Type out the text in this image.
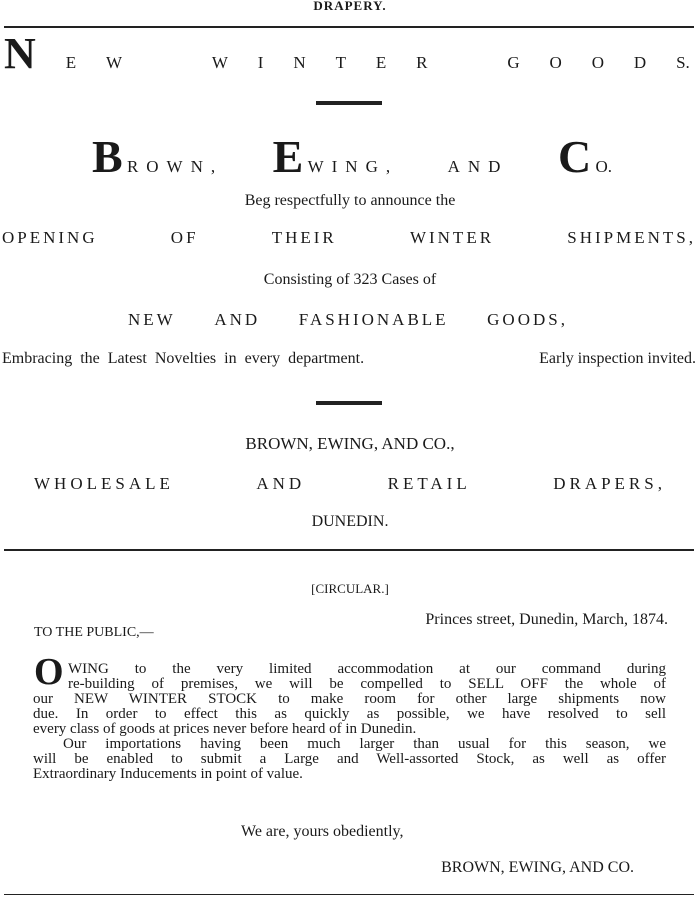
DRAPERY.
N E W	W I N T E R	G O O D S.
B ROWN, E WING,	AND C O.
Beg respectfully to announce the
OPENING	OF	THEIR	WINTER	SHIPMENTS,
Consisting of 323 Cases of
NEW AND FASHIONABLE GOODS,
Embracing the Latest Novelties in every department.	Early inspection invited.
BROWN, EWING, AND CO.,
WHOLESALE	AND	RETAIL	DRAPERS,
DUNEDIN.
[CIRCULAR.]
Princes street, Dunedin, March, 1874.
TO THE PUBLIC,—
O WING to the very limited accommodation at our command during
re-building of premises, we will be compelled to SELL OFF the whole of
our NEW WINTER STOCK to make room for other large shipments now
due. In order to effect this as quickly as possible, we have resolved to sell
every class of goods at prices never before heard of in Dunedin.
Our importations having been much larger than usual for this season, we
will be enabled to submit a Large and Well-assorted Stock, as well as offer
Extraordinary Inducements in point of value.
We are, yours obediently,
BROWN, EWING, AND CO.
